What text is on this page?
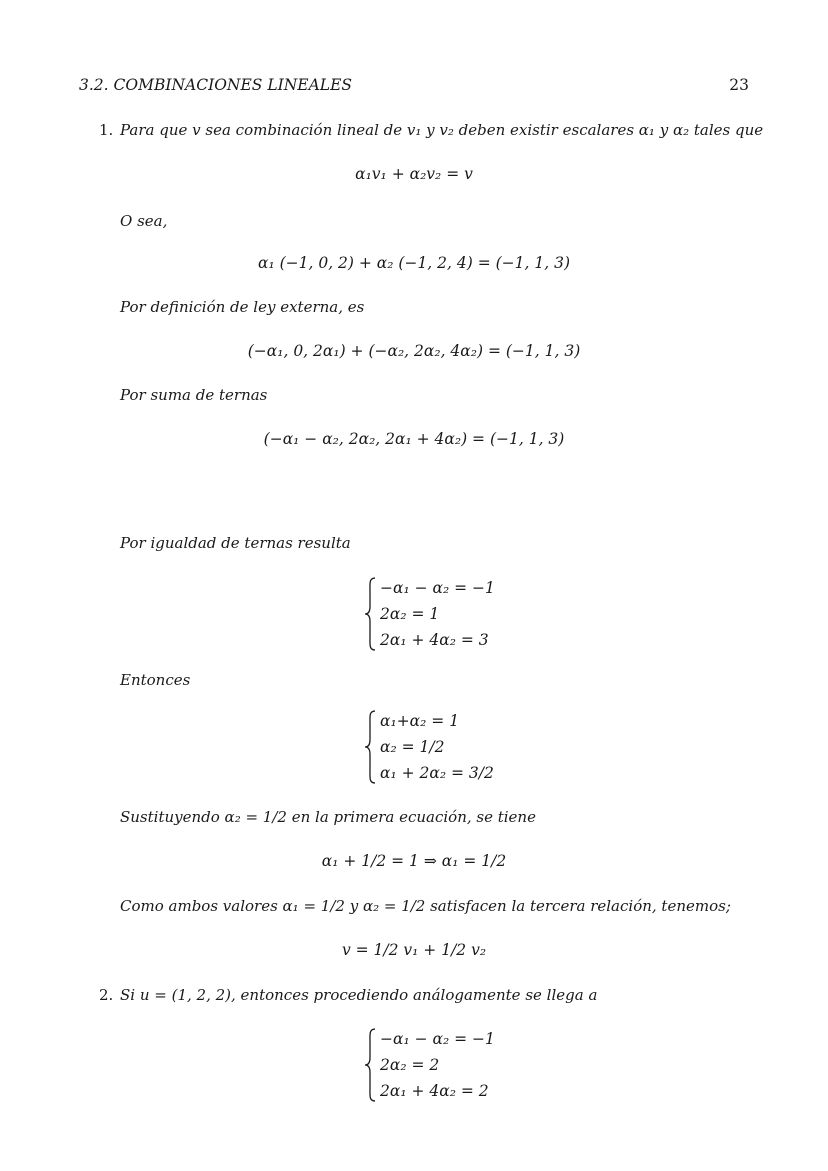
3.2. COMBINACIONES LINEALES	23
1. Para que v sea combinación lineal de v₁ y v₂ deben existir escalares α₁ y α₂ tales que
α₁v₁ + α₂v₂ = v
O sea,
α₁ (−1, 0, 2) + α₂ (−1, 2, 4) = (−1, 1, 3)
Por definición de ley externa, es
(−α₁, 0, 2α₁) + (−α₂, 2α₂, 4α₂) = (−1, 1, 3)
Por suma de ternas
(−α₁ − α₂, 2α₂, 2α₁ + 4α₂) = (−1, 1, 3)
Por igualdad de ternas resulta
−α₁ − α₂ = −1
2α₂ = 1
2α₁ + 4α₂ = 3
Entonces
α₁+α₂ = 1
α₂ = 1/2
α₁ + 2α₂ = 3/2
Sustituyendo α₂ = 1/2 en la primera ecuación, se tiene
α₁ + 1/2 = 1 ⇒ α₁ = 1/2
Como ambos valores α₁ = 1/2 y α₂ = 1/2 satisfacen la tercera relación, tenemos;
v = 1/2 v₁ + 1/2 v₂
2. Si u = (1, 2, 2), entonces procediendo análogamente se llega a
−α₁ − α₂ = −1
2α₂ = 2
2α₁ + 4α₂ = 2
